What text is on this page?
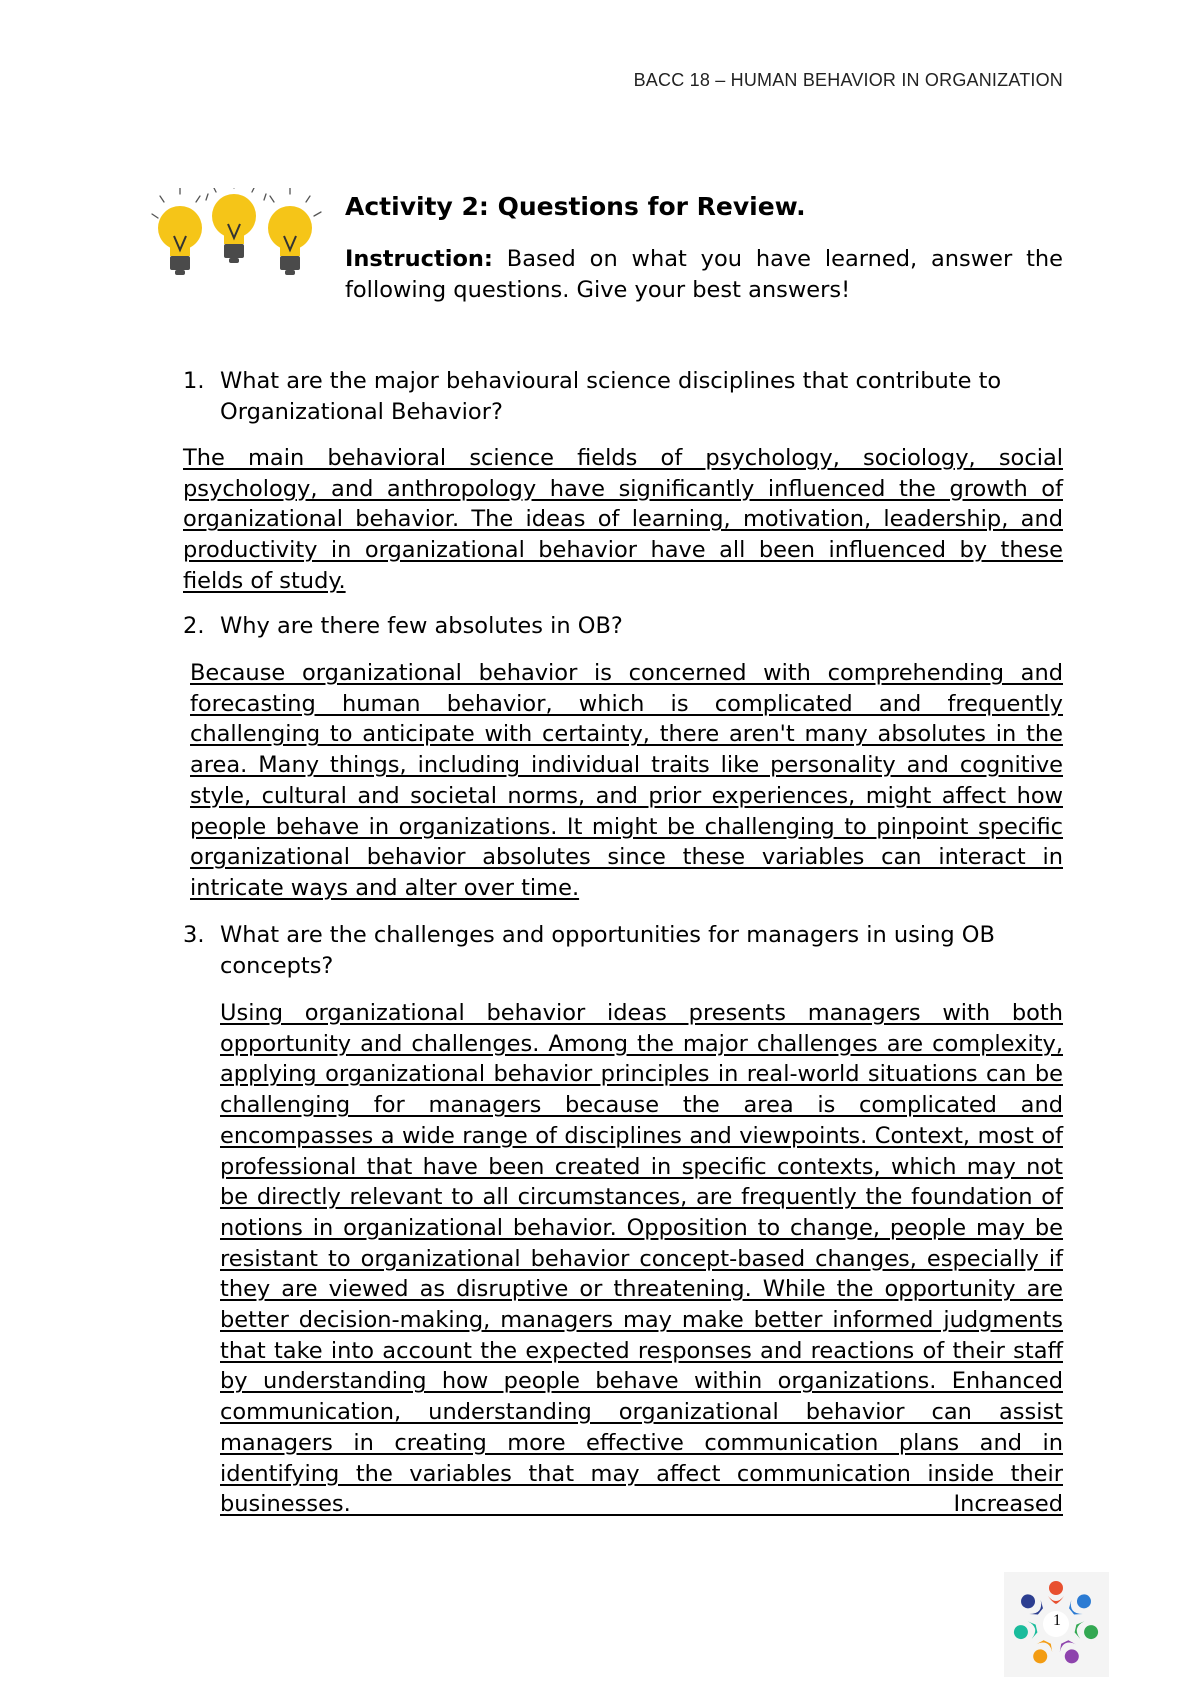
BACC 18 – HUMAN BEHAVIOR IN ORGANIZATION
Activity 2: Questions for Review.
Instruction: Based on what you have learned, answer the following questions. Give your best answers!
1. What are the major behavioural science disciplines that contribute to Organizational Behavior?
The main behavioral science fields of psychology, sociology, social psychology, and anthropology have significantly influenced the growth of organizational behavior. The ideas of learning, motivation, leadership, and productivity in organizational behavior have all been influenced by these fields of study.
2. Why are there few absolutes in OB?
Because organizational behavior is concerned with comprehending and forecasting human behavior, which is complicated and frequently challenging to anticipate with certainty, there aren't many absolutes in the area. Many things, including individual traits like personality and cognitive style, cultural and societal norms, and prior experiences, might affect how people behave in organizations. It might be challenging to pinpoint specific organizational behavior absolutes since these variables can interact in intricate ways and alter over time.
3. What are the challenges and opportunities for managers in using OB concepts?
Using organizational behavior ideas presents managers with both opportunity and challenges. Among the major challenges are complexity, applying organizational behavior principles in real-world situations can be challenging for managers because the area is complicated and encompasses a wide range of disciplines and viewpoints. Context, most of professional that have been created in specific contexts, which may not be directly relevant to all circumstances, are frequently the foundation of notions in organizational behavior. Opposition to change, people may be resistant to organizational behavior concept-based changes, especially if they are viewed as disruptive or threatening. While the opportunity are better decision-making, managers may make better informed judgments that take into account the expected responses and reactions of their staff by understanding how people behave within organizations. Enhanced communication, understanding organizational behavior can assist managers in creating more effective communication plans and in identifying the variables that may affect communication inside their businesses. Increased
1
